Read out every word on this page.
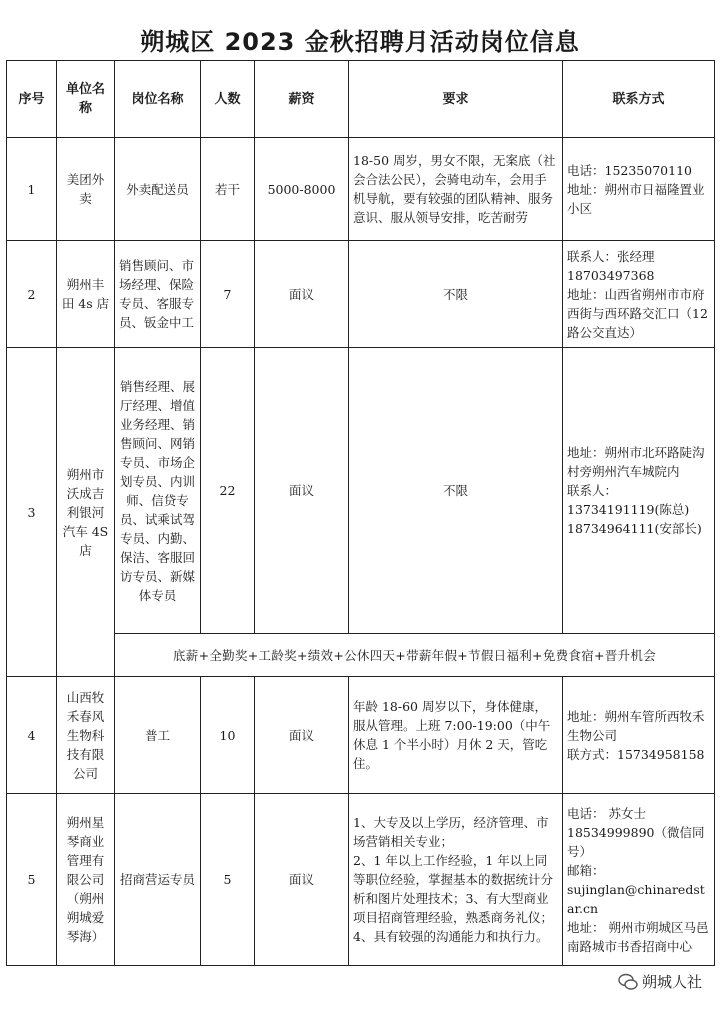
朔城区 2023 金秋招聘月活动岗位信息
序号	单位名称	岗位名称	人数	薪资	要求	联系方式
1	美团外卖	外卖配送员	若干	5000-8000	18-50 周岁，男女不限，无案底（社会合法公民），会骑电动车，会用手机导航，要有较强的团队精神、服务意识、服从领导安排，吃苦耐劳	电话：15235070110
地址：朔州市日福隆置业小区
2	朔州丰田 4s 店	销售顾问、市场经理、保险专员、客服专员、钣金中工	7	面议	不限	联系人：张经理
18703497368
地址：山西省朔州市市府西街与西环路交汇口（12 路公交直达）
3	朔州市沃成吉利银河汽车 4S 店	销售经理、展厅经理、增值业务经理、销售顾问、网销专员、市场企划专员、内训师、信贷专员、试乘试驾专员、内勤、保洁、客服回访专员、新媒体专员	22	面议	不限	地址：朔州市北环路陡沟村旁朔州汽车城院内
联系人：13734191119(陈总) 18734964111(安部长)
		底薪+全勤奖+工龄奖+绩效+公休四天+带薪年假+节假日福利+免费食宿+晋升机会				
4	山西牧禾春风生物科技有限公司	普工	10	面议	年龄 18-60 周岁以下，身体健康，服从管理。上班 7:00-19:00（中午休息 1 个半小时）月休 2 天，管吃住。	地址：朔州车管所西牧禾生物公司
联方式：15734958158
5	朔州星琴商业管理有限公司（朔州朔城爱琴海）	招商营运专员	5	面议	1、大专及以上学历，经济管理、市场营销相关专业；
2、1 年以上工作经验，1 年以上同等职位经验，掌握基本的数据统计分析和图片处理技术；3、有大型商业项目招商管理经验，熟悉商务礼仪；4、具有较强的沟通能力和执行力。	电话： 苏女士
18534999890（微信同号）
邮箱：
sujinglan@chinaredstar.cn
地址： 朔州市朔城区马邑南路城市书香招商中心
朔城人社
